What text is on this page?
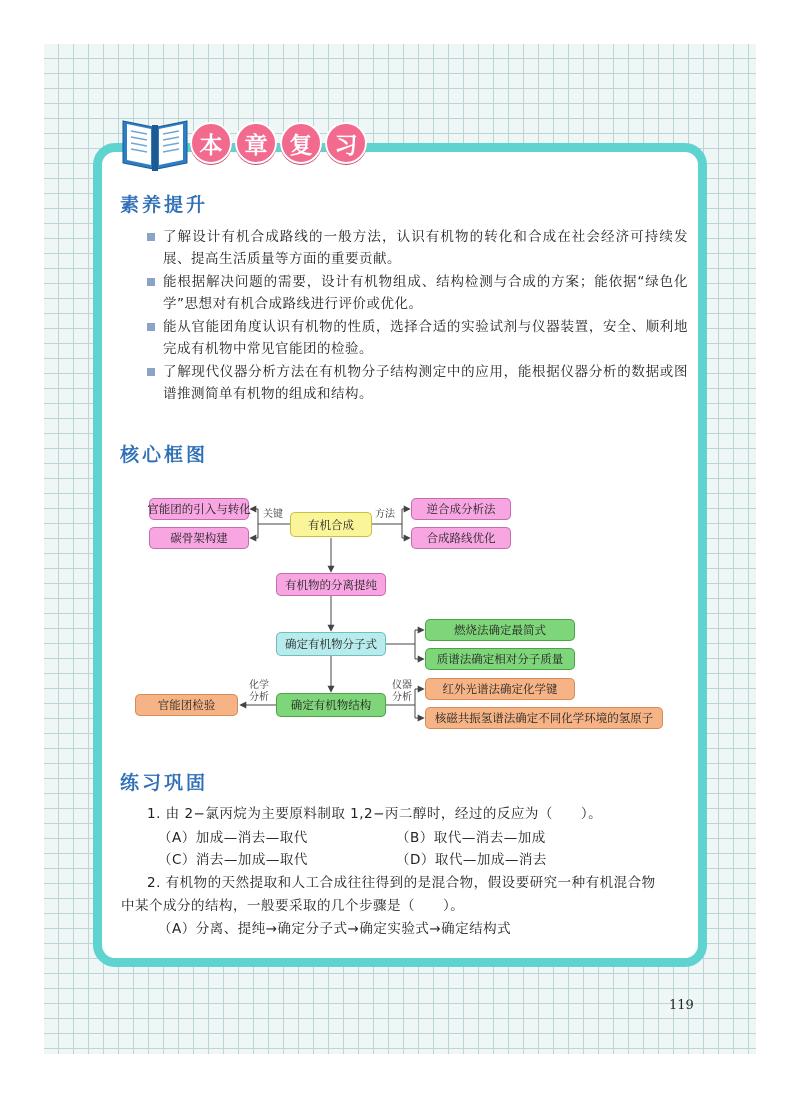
本 章 复 习
素养提升
了解设计有机合成路线的一般方法，认识有机物的转化和合成在社会经济可持续发展、提高生活质量等方面的重要贡献。
能根据解决问题的需要，设计有机物组成、结构检测与合成的方案；能依据“绿色化学”思想对有机合成路线进行评价或优化。
能从官能团角度认识有机物的性质，选择合适的实验试剂与仪器装置，安全、顺利地完成有机物中常见官能团的检验。
了解现代仪器分析方法在有机物分子结构测定中的应用，能根据仪器分析的数据或图谱推测简单有机物的组成和结构。
核心框图
官能团的引入与转化
碳骨架构建
有机合成
逆合成分析法
合成路线优化
有机物的分离提纯
确定有机物分子式
燃烧法确定最简式
质谱法确定相对分子质量
确定有机物结构
红外光谱法确定化学键
核磁共振氢谱法确定不同化学环境的氢原子
官能团检验
关键	方法
化学
分析
仪器
分析
练习巩固
1. 由 2−氯丙烷为主要原料制取 1,2−丙二醇时，经过的反应为（　　）。
（A）加成—消去—取代	（B）取代—消去—加成
（C）消去—加成—取代	（D）取代—加成—消去
2. 有机物的天然提取和人工合成往往得到的是混合物，假设要研究一种有机混合物
中某个成分的结构，一般要采取的几个步骤是（　　）。
（A）分离、提纯→确定分子式→确定实验式→确定结构式
119
